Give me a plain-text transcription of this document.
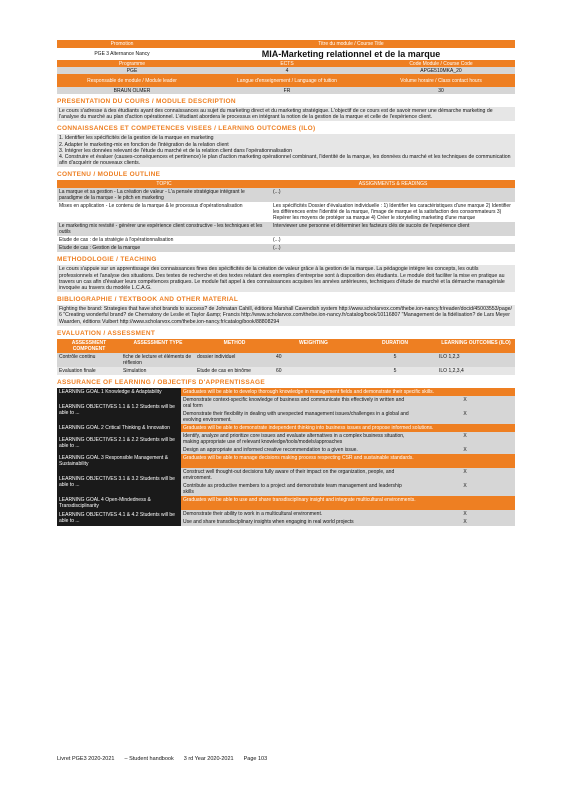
Promotion	Titre du module / Course Title
PGE 3 Alternance Nancy	MIA-Marketing relationnel et de la marque
Programme	ECTS	Code Module / Course Code
PGE	4	APGE510MKA_20
Responsable de module / Module leader	Langue d'enseignement / Language of tuition	Volume horaire / Class contact hours
BRAUN OLMER	FR	30
PRESENTATION DU COURS / MODULE DESCRIPTION
Le cours s'adresse à des étudiants ayant des connaissances au sujet du marketing direct et du marketing stratégique. L'objectif de ce cours est de savoir mener une démarche marketing de l'analyse du marché au plan d'action opérationnel. L'étudiant abordera le processus en intégrant la notion de la gestion de la marque et celle de l'expérience client.
CONNAISSANCES ET COMPETENCES VISEES / LEARNING OUTCOMES (ILO)
1. Identifier les spécificités de la gestion de la marque en marketing
2. Adapter le marketing-mix en fonction de l'intégration de la relation client
3. Intégrer les données relevant de l'étude du marché et de la relation client dans l'opérationnalisation
4. Construire et évaluer (causes-conséquences et pertinence) le plan d'action marketing opérationnel combinant, l'identité de la marque, les données du marché et les techniques de communication afin d'acquérir de nouveaux clients.
CONTENU / MODULE OUTLINE
TOPIC	ASSIGNMENTS & READINGS
La marque et sa gestion - La création de valeur - L'a pensée stratégique intégrant le paradigme de la marque - le pitch en marketing	(...)
Mises en application - Le contenu de la marque & le processus d'opérationalisation	Les spécificités Dossier d'évaluation individuelle : 1) Identifier les caractéristiques d'une marque 2) Identifier les différences entre l'identité de la marque, l'image de marque et la satisfaction des consommateurs 3) Repérer les moyens de protéger sa marque 4) Créer le storytelling marketing d'une marque
Le marketing mix revisité - générer une expérience client constructive - les techniques et les outils	Interviewer une personne et déterminer les facteurs clés de succès de l'expérience client
Etude de cas : de la stratégie à l'opérationnalisation	(...)
Etude de cas : Gestion de la marque	(...)
METHODOLOGIE / TEACHING
Le cours s'appuie sur un apprentissage des connaissances fines des spécificités de la création de valeur grâce à la gestion de la marque. La pédagogie intègre les concepts, les outils professionnels et l'analyse des situations. Des textes de recherche et des textes relatant des exemples d'entreprise sont à disposition des étudiants. Le module doit faciliter la mise en pratique au travers un cas afin d'évaluer leurs compétences pratiques. Le module fait appel à des connaissances acquises les années antérieures, techniques d'étude de marché et la démarche managériale invoquée au travers du modèle L.C.A.G.
BIBLIOGRAPHIE / TEXTBOOK AND OTHER MATERIAL
Fighting the brand: Strategies that have shot brands to success? de Johnatan Cahill, éditions Marshall Cavendish system http://www.scholarvox.com/thebe.ion-nancy.fr/reader/docid/45003553/page/6 "Creating wonderful brand? de Chernatony de Leslie et Taylor &amp; Francis http://www.scholarvox.com/thebe.ion-nancy.fr/catalog/book/10116807 "Management de la fidélisation? de Lars Meyer Waarden, éditions Vuibert http://www.scholarvox.com/thebe.ion-nancy.fr/catalog/book/88808294
EVALUATION / ASSESSMENT
ASSESSMENT COMPONENT	ASSESSMENT TYPE	METHOD	WEIGHTING	DURATION	LEARNING OUTCOMES (ILO)
Contrôle continu	fiche de lecture et éléments de réflexion	dossier individuel	40	5	ILO 1,2,3
Evaluation finale	Simulation	Etude de cas en binôme	60	5	ILO 1,2,3,4
ASSURANCE OF LEARNING / OBJECTIFS D'APPRENTISSAGE
LEARNING GOAL 1 Knowledge & Adaptability	Graduates will be able to develop thorough knowledge in management fields and demonstrate their specific skills.	
LEARNING OBJECTIVES 1.1 & 1.2 Students will be able to ...	Demonstrate context-specific knowledge of business and communicate this effectively in written and oral form	X
	Demonstrate their flexibility in dealing with unexpected management issues/challenges in a global and evolving environment.	X
LEARNING GOAL 2 Critical Thinking & Innovation	Graduates will be able to demonstrate independent thinking into business issues and propose informed solutions.	
LEARNING OBJECTIVES 2.1 & 2.2 Students will be able to ...	Identify, analyze and prioritize core issues and evaluate alternatives in a complex business situation, making appropriate use of relevant knowledge/tools/models/approaches	X
	Design an appropriate and informed creative recommendation to a given issue.	X
LEARNING GOAL 3 Responsible Management & Sustainability	Graduates will be able to manage decisions making process respecting CSR and sustainable standards.	
LEARNING OBJECTIVES 3.1 & 3.2 Students will be able to ...	Construct well thought-out decisions fully aware of their impact on the organization, people, and environment.	X
	Contribute as productive members to a project and demonstrate team management and leadership skills	X
LEARNING GOAL 4 Open-Mindedness & Transdisciplinarity	Graduates will be able to use and share transdisciplinary insight and integrate multicultural environments.	
LEARNING OBJECTIVES 4.1 & 4.2 Students will be able to ...	Demonstrate their ability to work in a multicultural environment.	X
	Use and share transdisciplinary insights when engaging in real world projects	X
Livret PGE3 2020-2021 – Student handbook 3 rd Year 2020-2021 Page 103
